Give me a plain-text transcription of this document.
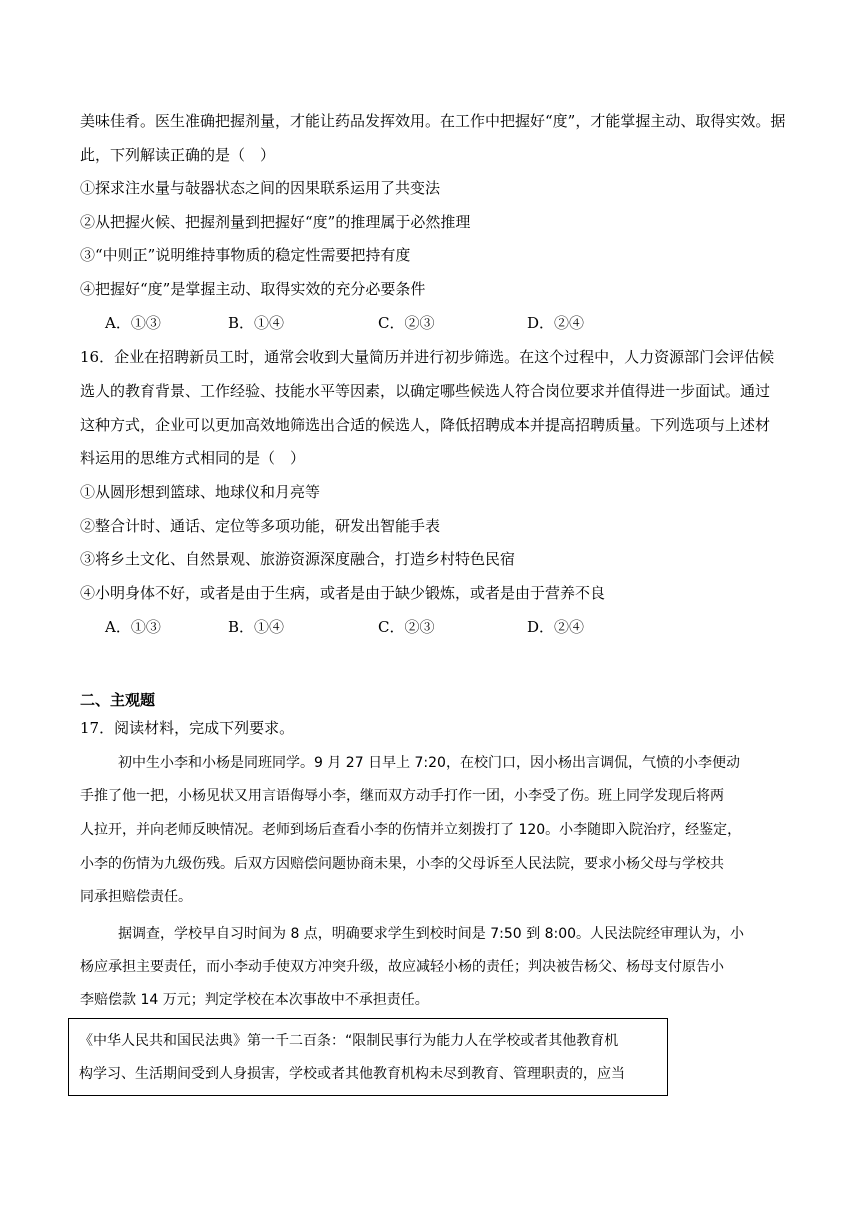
美味佳肴。医生准确把握剂量，才能让药品发挥效用。在工作中把握好“度”，才能掌握主动、取得实效。据
此，下列解读正确的是（　）
①探求注水量与敧器状态之间的因果联系运用了共变法
②从把握火候、把握剂量到把握好“度”的推理属于必然推理
③“中则正”说明维持事物质的稳定性需要把持有度
④把握好“度”是掌握主动、取得实效的充分必要条件
A．①③	B．①④	C．②③	D．②④
16．企业在招聘新员工时，通常会收到大量简历并进行初步筛选。在这个过程中，人力资源部门会评估候
选人的教育背景、工作经验、技能水平等因素，以确定哪些候选人符合岗位要求并值得进一步面试。通过
这种方式，企业可以更加高效地筛选出合适的候选人，降低招聘成本并提高招聘质量。下列选项与上述材
料运用的思维方式相同的是（　）
①从圆形想到篮球、地球仪和月亮等
②整合计时、通话、定位等多项功能，研发出智能手表
③将乡土文化、自然景观、旅游资源深度融合，打造乡村特色民宿
④小明身体不好，或者是由于生病，或者是由于缺少锻炼，或者是由于营养不良
A．①③	B．①④	C．②③	D．②④
二、主观题
17．阅读材料，完成下列要求。
初中生小李和小杨是同班同学。9 月 27 日早上 7:20，在校门口，因小杨出言调侃，气愤的小李便动
手推了他一把，小杨见状又用言语侮辱小李，继而双方动手打作一团，小李受了伤。班上同学发现后将两
人拉开，并向老师反映情况。老师到场后查看小李的伤情并立刻拨打了 120。小李随即入院治疗，经鉴定，
小李的伤情为九级伤残。后双方因赔偿问题协商未果，小李的父母诉至人民法院，要求小杨父母与学校共
同承担赔偿责任。
据调查，学校早自习时间为 8 点，明确要求学生到校时间是 7:50 到 8:00。人民法院经审理认为，小
杨应承担主要责任，而小李动手使双方冲突升级，故应减轻小杨的责任；判决被告杨父、杨母支付原告小
李赔偿款 14 万元；判定学校在本次事故中不承担责任。
《中华人民共和国民法典》第一千二百条：“限制民事行为能力人在学校或者其他教育机
构学习、生活期间受到人身损害，学校或者其他教育机构未尽到教育、管理职责的，应当
